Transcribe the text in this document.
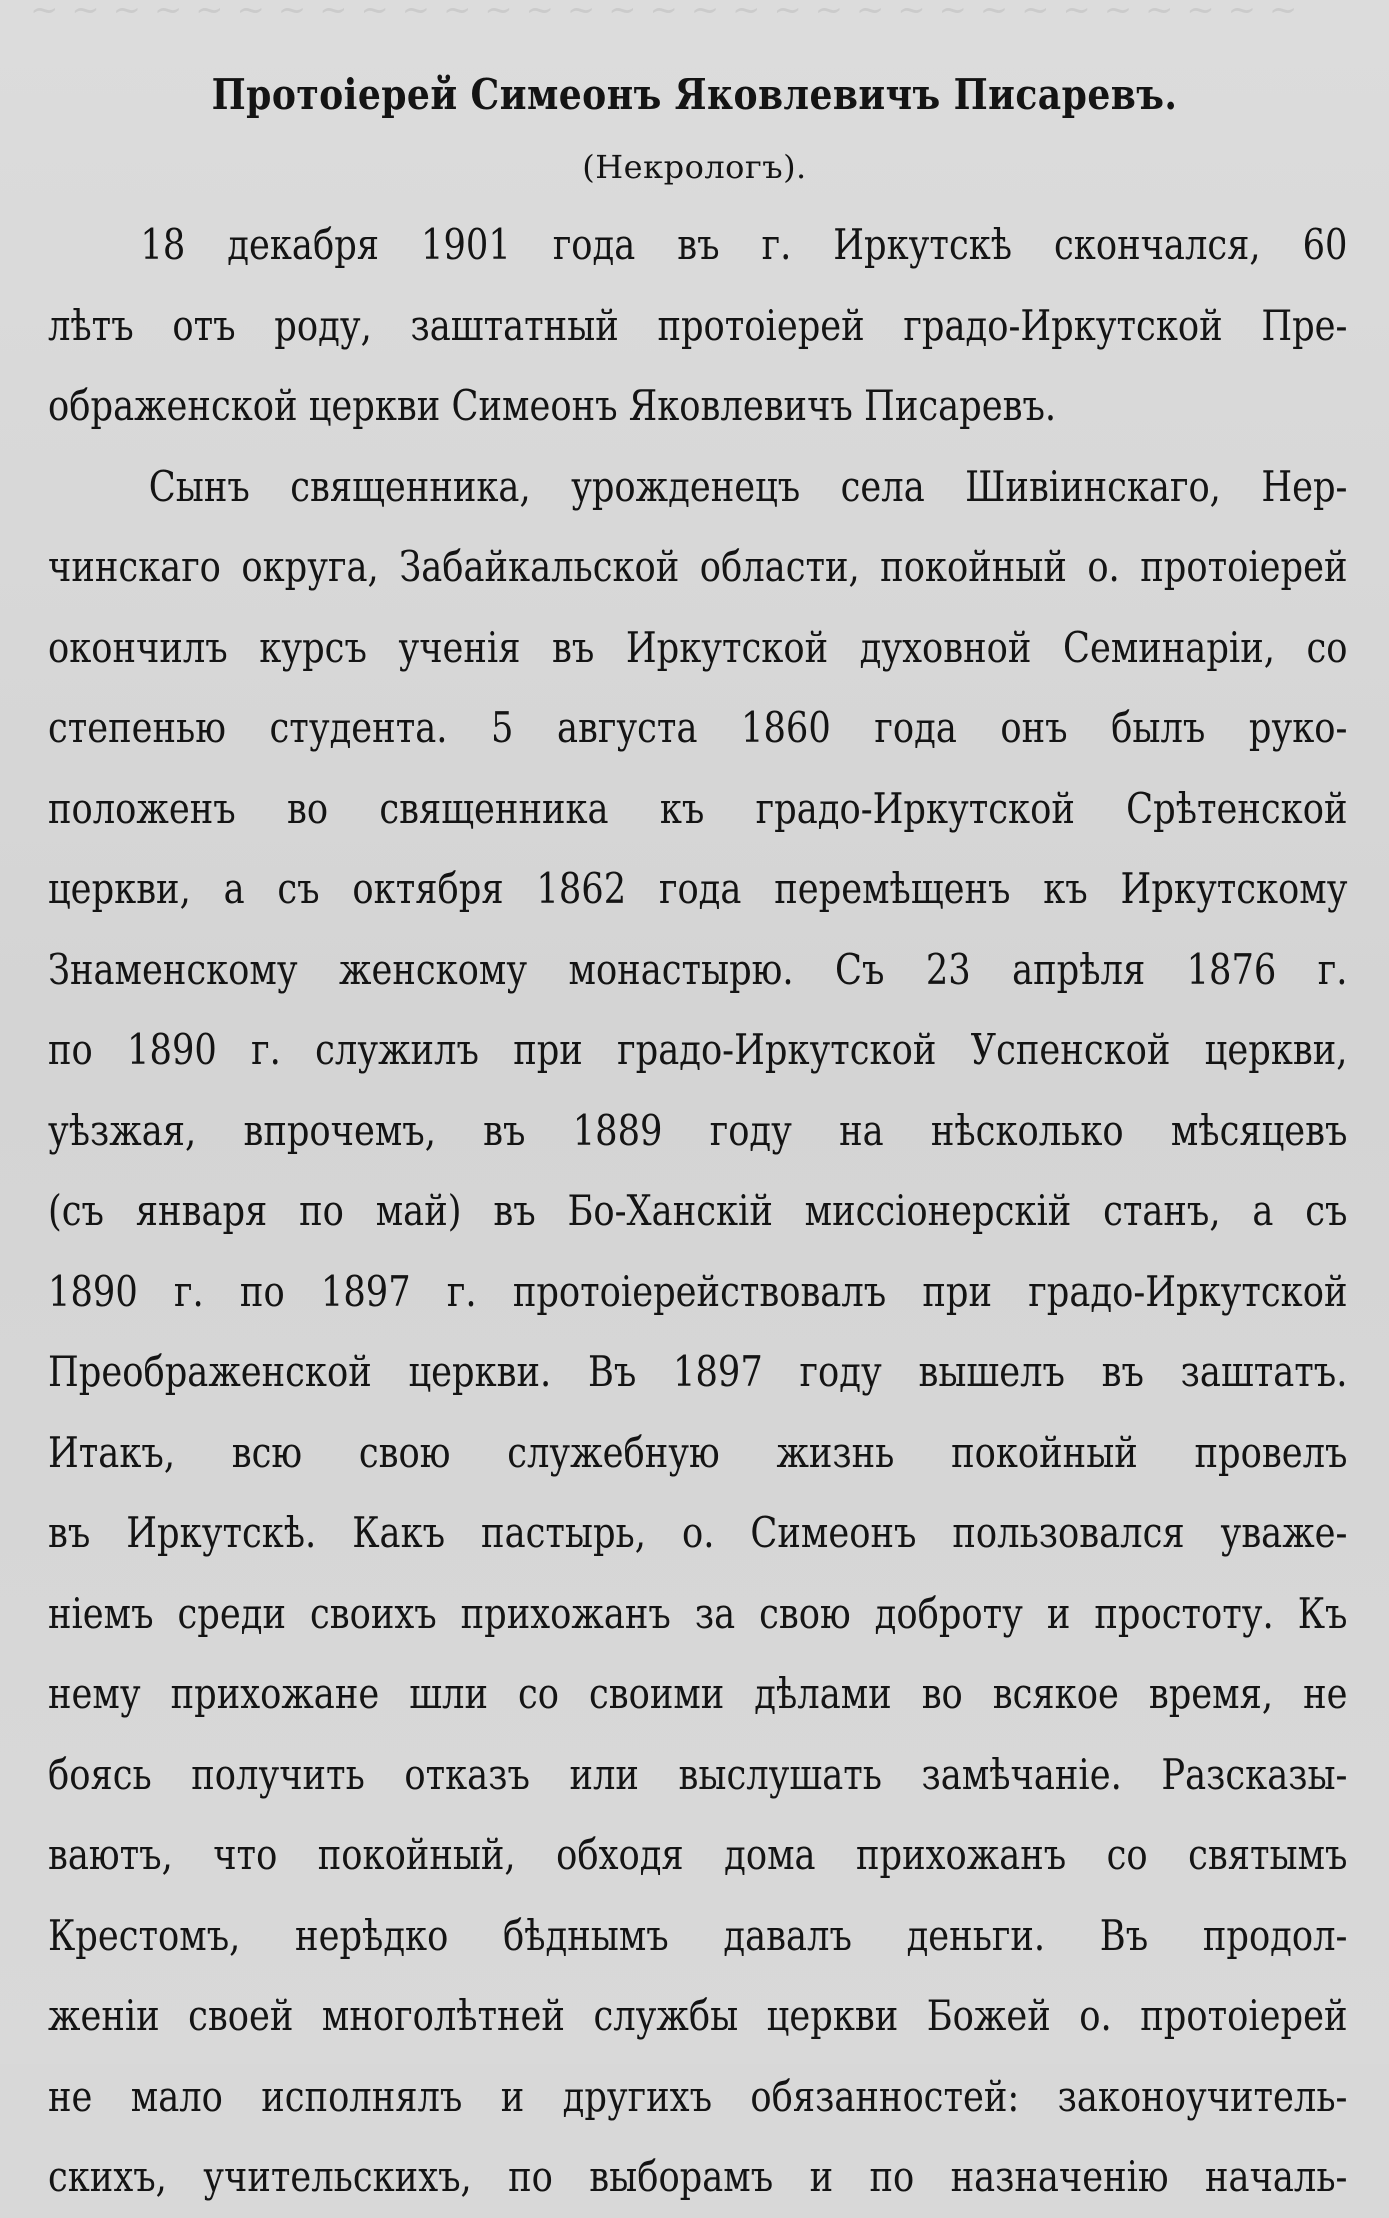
~ ~ ~ ~ ~ ~ ~ ~ ~ ~ ~ ~ ~ ~ ~ ~ ~ ~ ~ ~ ~ ~ ~ ~ ~ ~ ~ ~ ~ ~ ~
Протоіерей Симеонъ Яковлевичъ Писаревъ.
(Некрологъ).
18 декабря 1901 года въ г. Иркутскѣ скончался, 60
лѣтъ отъ роду, заштатный протоіерей градо-Иркутской Пре-
ображенской церкви Симеонъ Яковлевичъ Писаревъ.
Сынъ священника, урожденецъ села Шивіинскаго, Нер-
чинскаго округа, Забайкальской области, покойный о. протоіерей
окончилъ курсъ ученія въ Иркутской духовной Семинаріи, со
степенью студента. 5 августа 1860 года онъ былъ руко-
положенъ во священника къ градо-Иркутской Срѣтенской
церкви, а съ октября 1862 года перемѣщенъ къ Иркутскому
Знаменскому женскому монастырю. Съ 23 апрѣля 1876 г.
по 1890 г. служилъ при градо-Иркутской Успенской церкви,
уѣзжая, впрочемъ, въ 1889 году на нѣсколько мѣсяцевъ
(съ января по май) въ Бо-Ханскій миссіонерскій станъ, а съ
1890 г. по 1897 г. протоіерействовалъ при градо-Иркутской
Преображенской церкви. Въ 1897 году вышелъ въ заштатъ.
Итакъ, всю свою служебную жизнь покойный провелъ
въ Иркутскѣ. Какъ пастырь, о. Симеонъ пользовался уваже-
ніемъ среди своихъ прихожанъ за свою доброту и простоту. Къ
нему прихожане шли со своими дѣлами во всякое время, не
боясь получить отказъ или выслушать замѣчаніе. Разсказы-
ваютъ, что покойный, обходя дома прихожанъ со святымъ
Крестомъ, нерѣдко бѣднымъ давалъ деньги. Въ продол-
женіи своей многолѣтней службы церкви Божей о. протоіерей
не мало исполнялъ и другихъ обязанностей: законоучитель-
скихъ, учительскихъ, по выборамъ и по назначенію началь-
